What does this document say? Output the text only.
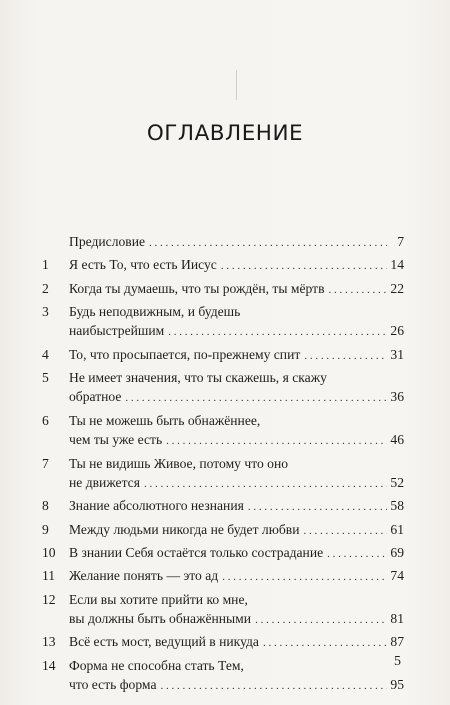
ОГЛАВЛЕНИЕ
Предисловие . . .	7
1	Я есть То, что есть Иисус . . .	14
2	Когда ты думаешь, что ты рождён, ты мёртв . . .	22
3	Будь неподвижным, и будешь
наибыстрейшим . . .	26
4	То, что просыпается, по-прежнему спит . . .	31
5	Не имеет значения, что ты скажешь, я скажу
обратное . . .	36
6	Ты не можешь быть обнажённее,
чем ты уже есть . . .	46
7	Ты не видишь Живое, потому что оно
не движется . . .	52
8	Знание абсолютного незнания . . .	58
9	Между людьми никогда не будет любви . . .	61
10 В знании Себя остаётся только сострадание . . .	69
11	Желание понять — это ад . . .	74
12 Если вы хотите прийти ко мне,
вы должны быть обнажёнными . . .	81
13 Всё есть мост, ведущий в никуда . . .	87
14 Форма не способна стать Тем,
что есть форма . . .	95
5
